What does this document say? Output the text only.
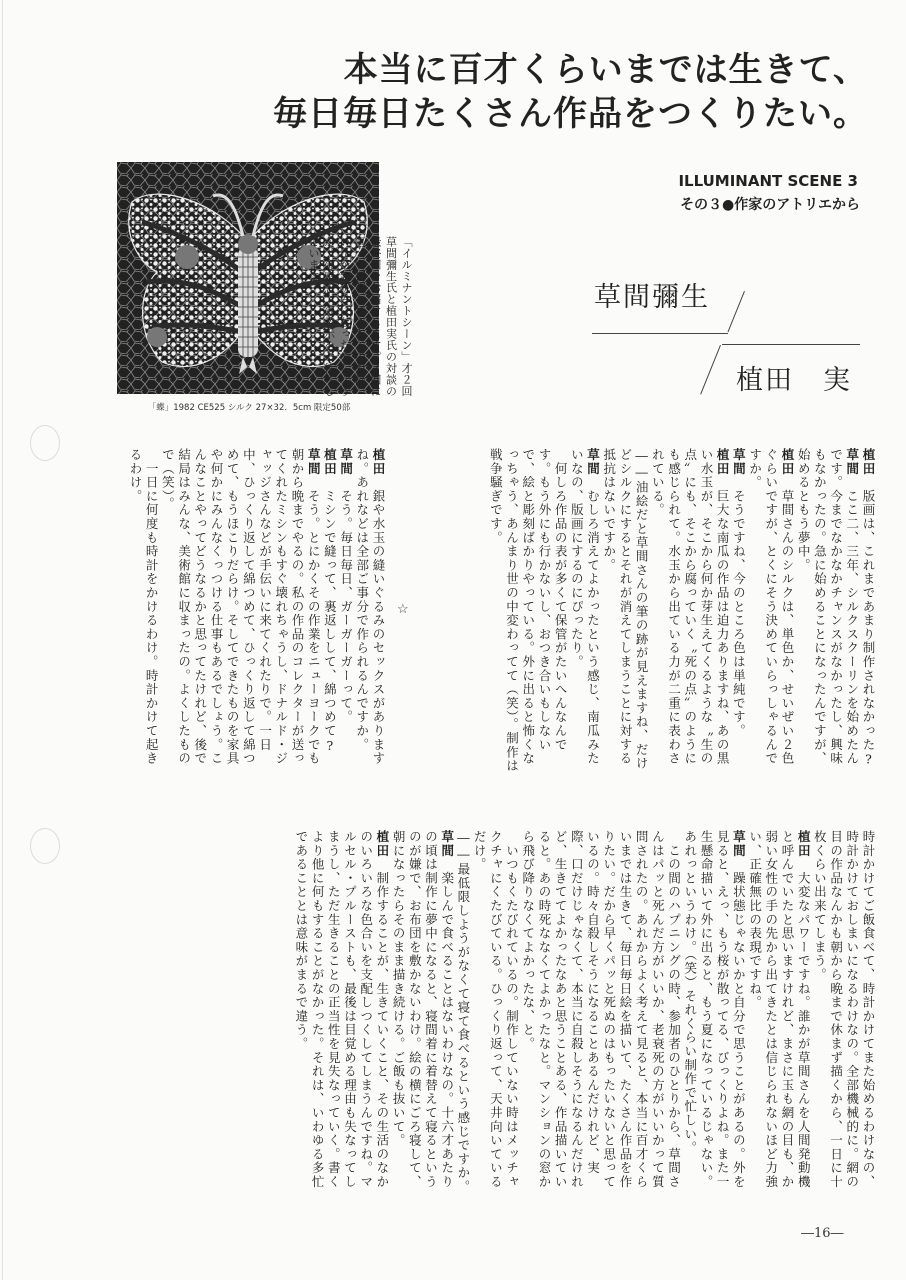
本当に百才くらいまでは生きて、
毎日毎日たくさん作品をつくりたい。
ILLUMINANT SCENE 3
その３●作家のアトリエから
「蝶」1982 CE525 シルク 27×32．5cm 限定50部

「イルミナントシーン」才２回

草間彌生氏と植田実氏の対談の

最終回をお届けします。３回に

亘って掲載してきたこの対談、

いかがお読みになったでしょう

か。御感想、御教示をお待ちし

ています。

草間彌生
植田　実

植田　版画は、これまであまり制作されなかった?

草間　ここ二、三年、シルクスクーリンを始めたんです。今までなかなかチャンスがなかったし、興味もなかったの。急に始めることになったんですが、始めるともう夢中。

植田　草間さんのシルクは、単色か、せいぜい２色ぐらいですが、とくにそう決めていらっしゃるんですか。

草間　そうですね、今のところ色は単純です。

植田　巨大な南瓜の作品は迫力ありますね、あの黒い水玉が、そこから何か芽生えてくるような〝生の点〟にも、そこから腐っていく〝死の点〟のようにも感じられて。水玉から出ている力が二重に表わされている。

――油絵だと草間さんの筆の跡が見えますね、だけどシルクにするとそれが消えてしまうことに対する抵抗はないですか。

草間　むしろ消えてよかったという感じ、南瓜みたいなの、版画にするのにぴったり。

　何しろ作品の表が多くて保管がたいへんなんです。もう外にも行かないし、おつき合いもしないで、絵と彫刻ばかりやっている。外に出ると怖くなっちゃう、あんまり世の中変わってて（笑）。制作は戦争騒ぎです。

植田　銀や水玉の縫いぐるみのセックスがありますね。あれなどは全部ご事分で作られるんですか。

草間　そう。毎日毎日、ガーガーガーって。

植田　ミシンで縫って、裏返しして、綿つめて?

草間　そう。とにかくその作業をニューヨークでも朝から晩までやるの。私の作品のコレクターが送ってくれたミシンもすぐ壊れちゃうし、ドナルド・ジャッジさんなどが手伝いに来てくれたりで。一日中、ひっくり返して綿つめて、ひっくり返して綿つめて、もうほこりだらけ。そしてできたものを家具や何かにみんなくっつける仕事もあるでしょう。こんなことやってどうなるかと思ってたけれど、後で結局はみんな、美術館に収まったの。よくしたもので（笑）。

　一日に何度も時計をかけるわけ。時計かけて起きるわけ。

☆

時計かけてご飯食べて、時計かけてまた始めるわけなの、時計かけておしまいになるわけなの。全部機械的に。網の目の作品なんかも朝から晩まで休まず描くから、一日に十枚くらい出来てしまう。

植田　大変なパワーですね。誰かが草間さんを人間発動機と呼んでいたと思いますけれど、まさに玉も網の目も、か弱い女性の手の先から出てきたとは信じられないほど力強い、正確無比の表現ですね。

草間　躁状態じゃないかと自分で思うことがあるの。外を見ると、えっ、もう桜が散ってる、びっくりよね。また一生懸命描いて外に出ると、もう夏になっているじゃない。あれっというわけ。（笑）それくらい制作で忙しい。

　この間のハプニングの時、参加者のひとりから、草間さんはパッと死んだ方がいいか、老衰死の方がいいかって質問されたの。あれからよく考えて見ると、本当に百才くらいまでは生きて、毎日毎日絵を描いて、たくさん作品を作りたい。だから早くパッと死ぬのはもったいないと思っているの。時々自殺しそうになることあるんだけれど、実際、口だけじゃなくて、本当に自殺しそうになるんだけれど、生きててよかったなあと思うことある、作品描いていると。あの時死ななくてよかったなと。マンションの窓から飛び降りなくてよかったな、と。

　いつもくたびれているの。制作していない時はメッチャクチャにくたびている。ひっくり返って、天井向いているだけ。

――最低限しようがなくて寝て食べるという感じですか。

草間　楽しんで食べることはないわけなの。十六才あたりの頃は制作に夢中になると、寝間着に着替えて寝るというのが嫌で、お布団を敷かないわけ。絵の横にごろ寝して、朝になったらそのまま描き続ける。ご飯も抜いて。

植田　制作することが、生きていくこと、その生活のなかのいろいろな色合いを支配しつくしてしまうんですね。マルセル・プルーストも、最後は目覚める理由も失なってしまうし、ただ生きることの正当性を見失なっていく。書くより他に何もすることがなかった。それは、いわゆる多忙であることとは意味がまるで違う。

―16―
